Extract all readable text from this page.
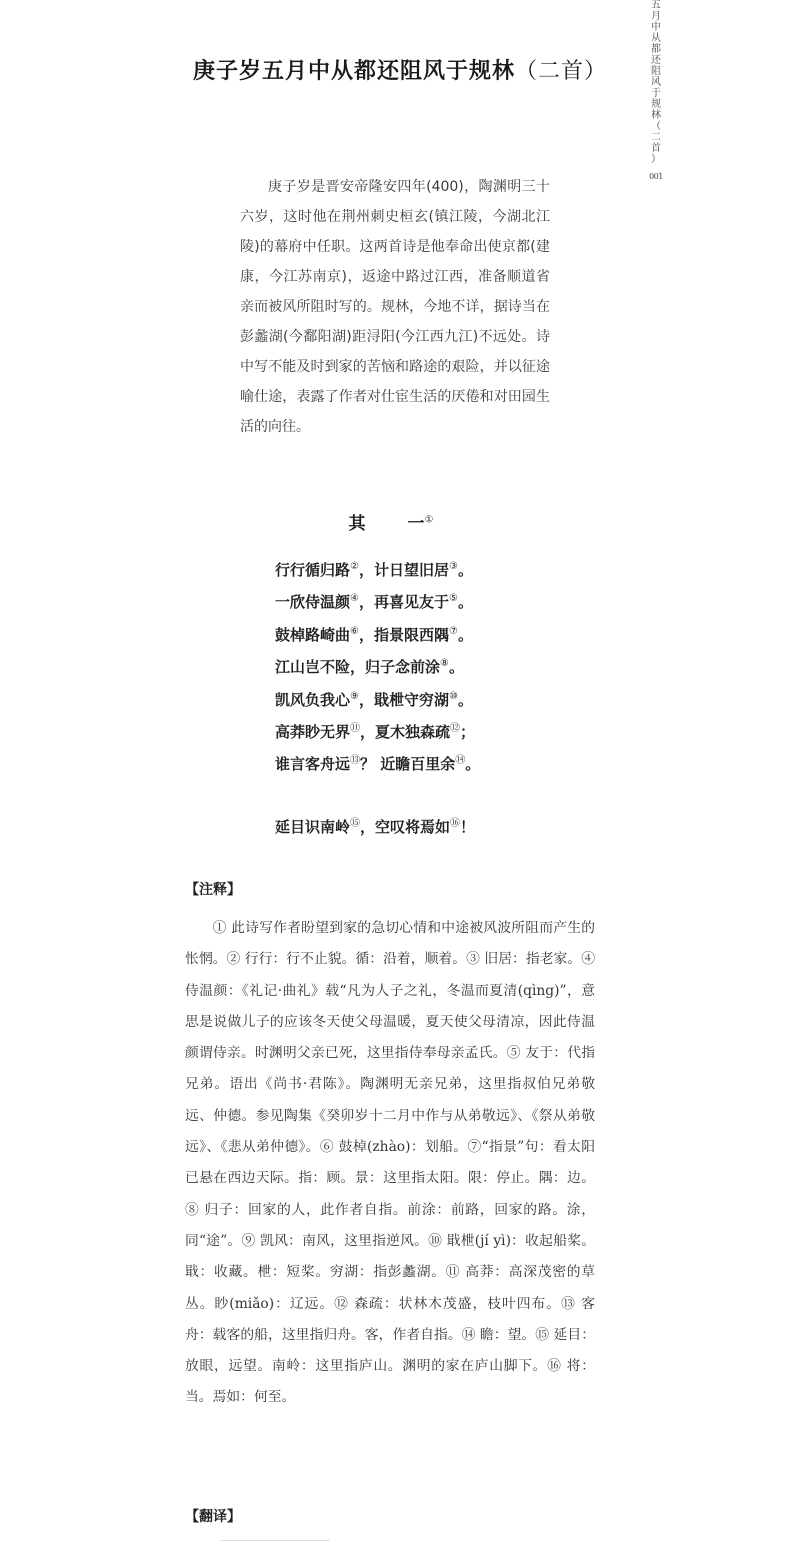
五
月
中
从
都
还
阻
风
于
规
林
（
二
首
）
001
庚子岁五月中从都还阻风于规林（二首）

庚子岁是晋安帝隆安四年(400)，陶渊明三十六岁，这时他在荆州刺史桓玄(镇江陵，今湖北江陵)的幕府中任职。这两首诗是他奉命出使京都(建康，今江苏南京)，返途中路过江西，准备顺道省亲而被风所阻时写的。规林，今地不详，据诗当在彭蠡湖(今鄱阳湖)距浔阳(今江西九江)不远处。诗中写不能及时到家的苦恼和路途的艰险，并以征途喻仕途，表露了作者对仕宦生活的厌倦和对田园生活的向往。

其 一①
行行循归路②，计日望旧居③。
一欣侍温颜④，再喜见友于⑤。
鼓棹路崎曲⑥，指景限西隅⑦。
江山岂不险，归子念前涂⑧。
凯风负我心⑨，戢枻守穷湖⑩。
高莽眇无界⑪，夏木独森疏⑫；
谁言客舟远⑬？ 近瞻百里余⑭。
延目识南岭⑮，空叹将焉如⑯！
【注释】

① 此诗写作者盼望到家的急切心情和中途被风波所阻而产生的怅惘。② 行行：行不止貌。循：沿着，顺着。③ 旧居：指老家。④ 侍温颜：《礼记·曲礼》载“凡为人子之礼，冬温而夏清(qìng)”，意思是说做儿子的应该冬天使父母温暖，夏天使父母清凉，因此侍温颜谓侍亲。时渊明父亲已死，这里指侍奉母亲孟氏。⑤ 友于：代指兄弟。语出《尚书·君陈》。陶渊明无亲兄弟，这里指叔伯兄弟敬远、仲德。参见陶集《癸卯岁十二月中作与从弟敬远》、《祭从弟敬远》、《悲从弟仲德》。⑥ 鼓棹(zhào)：划船。⑦“指景”句：看太阳已悬在西边天际。指：顾。景：这里指太阳。限：停止。隅：边。⑧ 归子：回家的人，此作者自指。前涂：前路，回家的路。涂，同“途”。⑨ 凯风：南风，这里指逆风。⑩ 戢枻(jí yì)：收起船桨。戢：收藏。枻：短桨。穷湖：指彭蠡湖。⑪ 高莽：高深茂密的草丛。眇(miǎo)：辽远。⑫ 森疏：状林木茂盛，枝叶四布。⑬ 客舟：载客的船，这里指归舟。客，作者自指。⑭ 瞻：望。⑮ 延目：放眼，远望。南岭：这里指庐山。渊明的家在庐山脚下。⑯ 将：当。焉如：何至。

【翻译】
